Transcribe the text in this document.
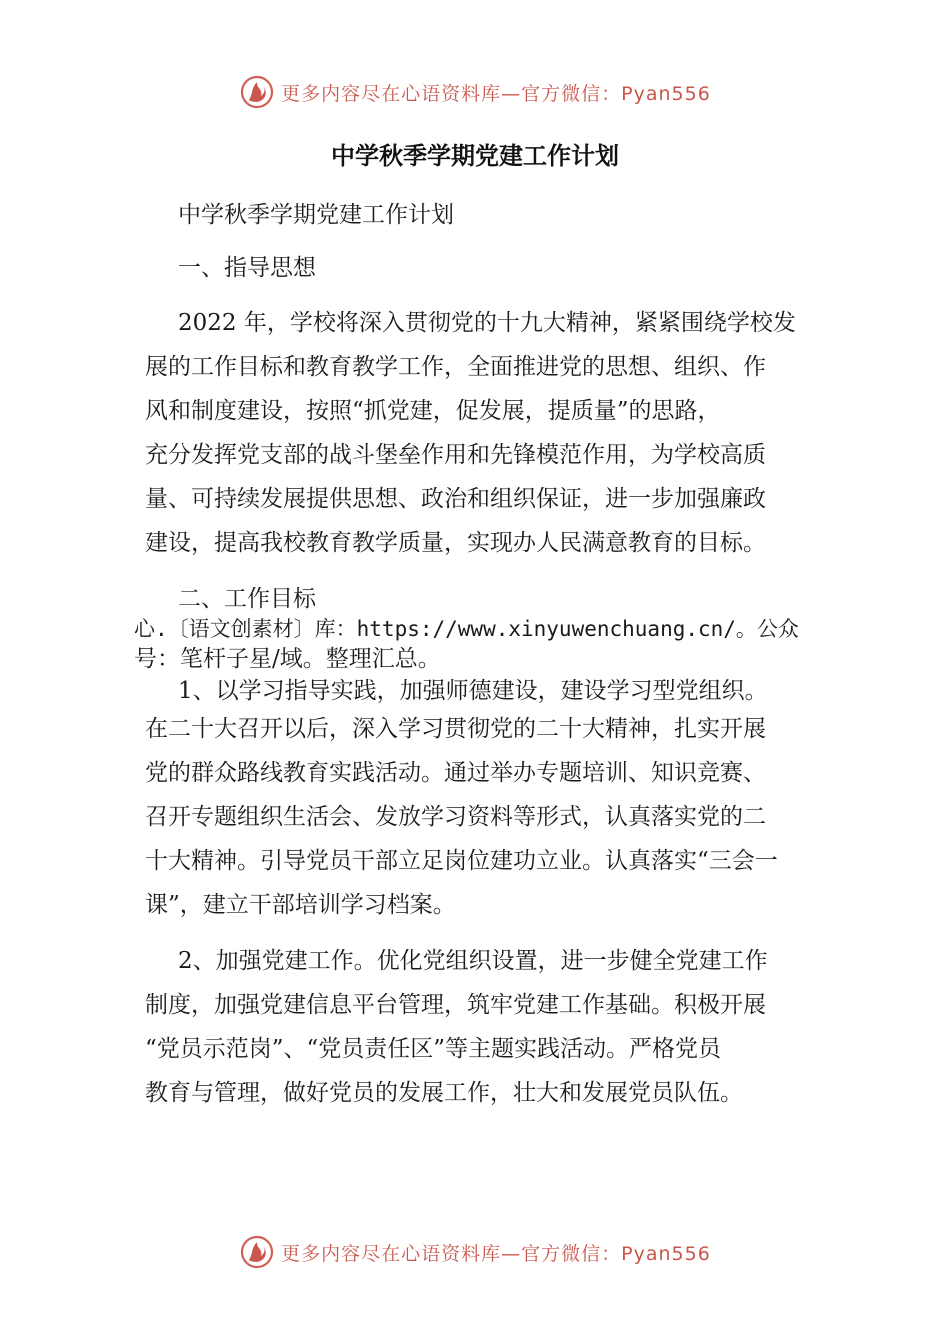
更多内容尽在心语资料库—官方微信：Pyan556
中学秋季学期党建工作计划
中学秋季学期党建工作计划
一、指导思想
2022 年，学校将深入贯彻党的十九大精神，紧紧围绕学校发
展的工作目标和教育教学工作，全面推进党的思想、组织、作
风和制度建设，按照“抓党建，促发展，提质量”的思路，
充分发挥党支部的战斗堡垒作用和先锋模范作用，为学校高质
量、可持续发展提供思想、政治和组织保证，进一步加强廉政
建设，提高我校教育教学质量，实现办人民满意教育的目标。
二、工作目标
心.〔语文创素材〕库：https://www.xinyuwenchuang.cn/。公众
号：笔杆子星/域。整理汇总。
1、以学习指导实践，加强师德建设，建设学习型党组织。
在二十大召开以后，深入学习贯彻党的二十大精神，扎实开展
党的群众路线教育实践活动。通过举办专题培训、知识竞赛、
召开专题组织生活会、发放学习资料等形式，认真落实党的二
十大精神。引导党员干部立足岗位建功立业。认真落实“三会一
课”，建立干部培训学习档案。
2、加强党建工作。优化党组织设置，进一步健全党建工作
制度，加强党建信息平台管理，筑牢党建工作基础。积极开展
“党员示范岗”、“党员责任区”等主题实践活动。严格党员
教育与管理，做好党员的发展工作，壮大和发展党员队伍。
更多内容尽在心语资料库—官方微信：Pyan556
